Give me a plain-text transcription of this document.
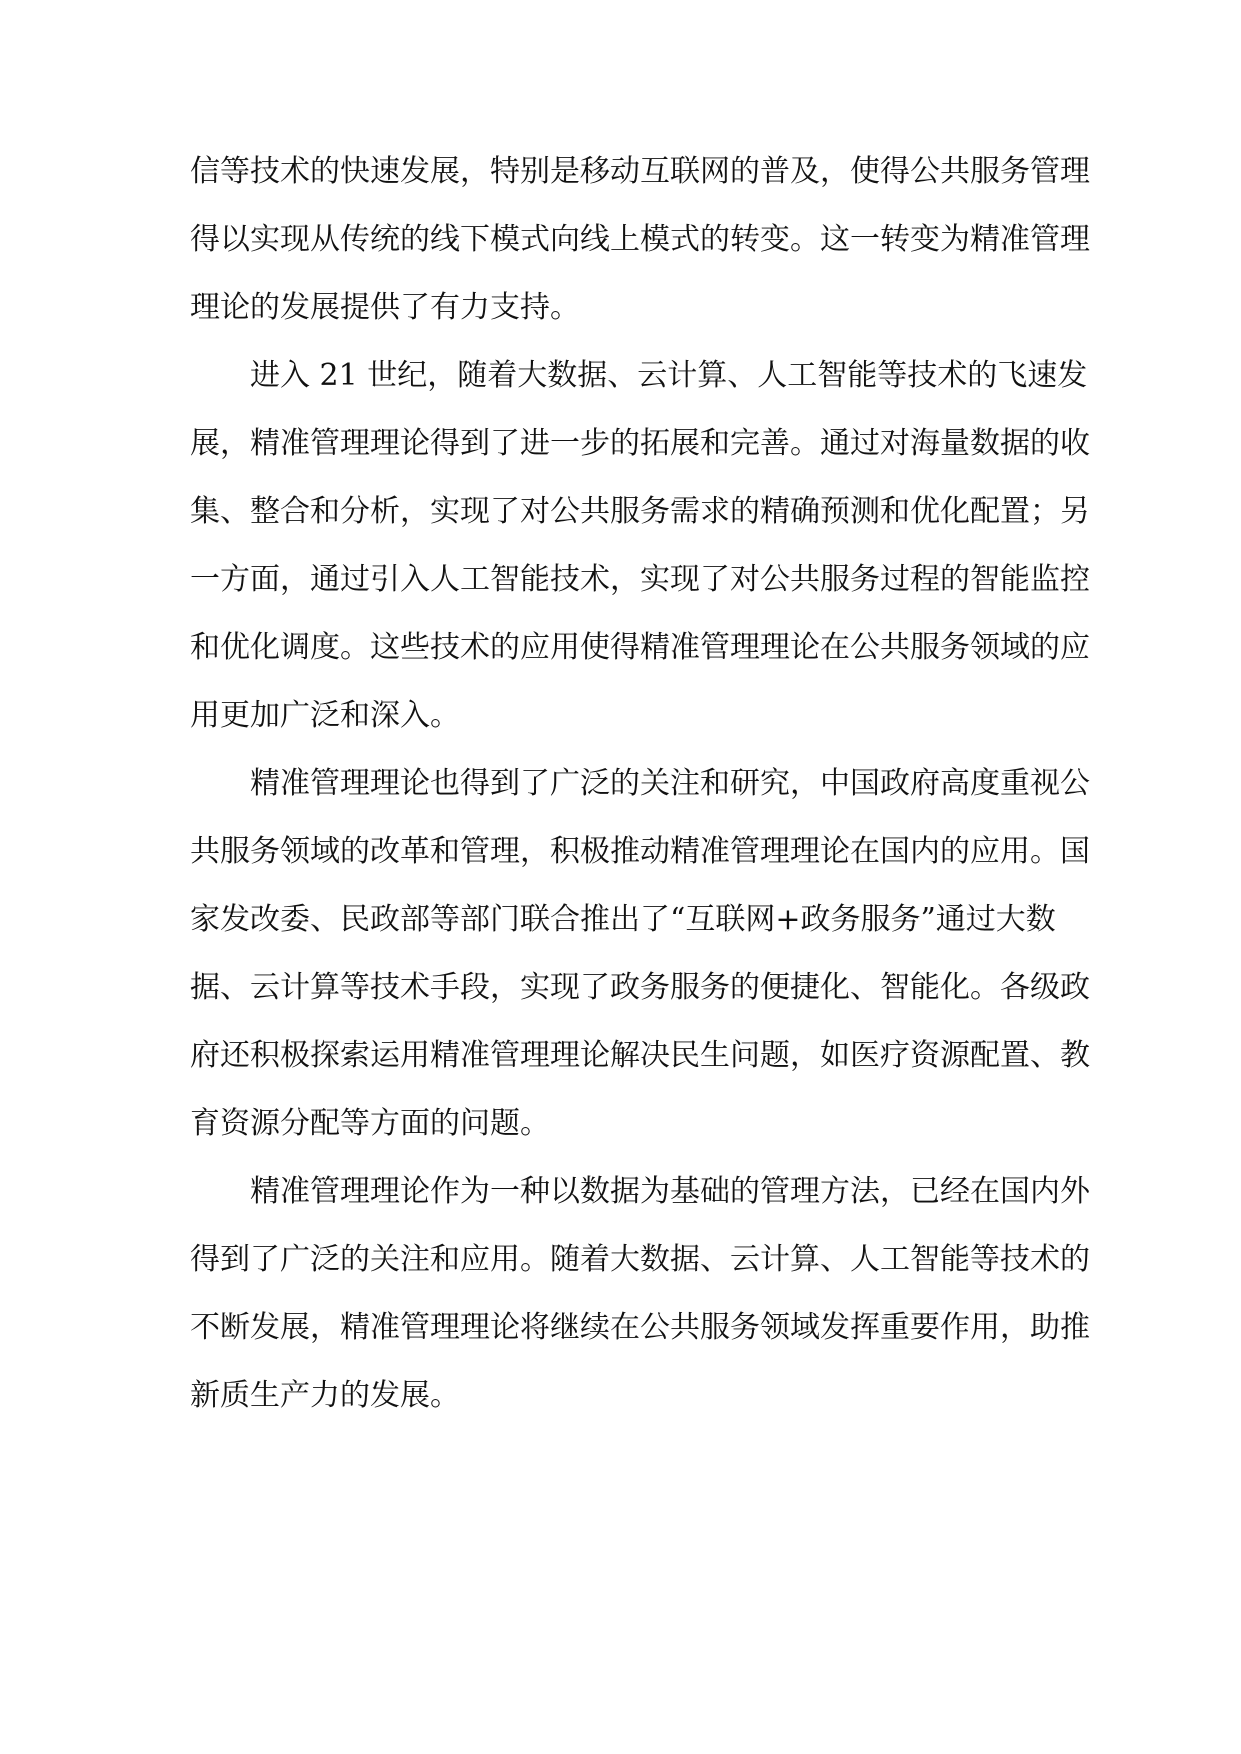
信等技术的快速发展，特别是移动互联网的普及，使得公共服务管理
得以实现从传统的线下模式向线上模式的转变。这一转变为精准管理
理论的发展提供了有力支持。
进入 21 世纪，随着大数据、云计算、人工智能等技术的飞速发
展，精准管理理论得到了进一步的拓展和完善。通过对海量数据的收
集、整合和分析，实现了对公共服务需求的精确预测和优化配置；另
一方面，通过引入人工智能技术，实现了对公共服务过程的智能监控
和优化调度。这些技术的应用使得精准管理理论在公共服务领域的应
用更加广泛和深入。
精准管理理论也得到了广泛的关注和研究，中国政府高度重视公
共服务领域的改革和管理，积极推动精准管理理论在国内的应用。国
家发改委、民政部等部门联合推出了“互联网+政务服务”通过大数
据、云计算等技术手段，实现了政务服务的便捷化、智能化。各级政
府还积极探索运用精准管理理论解决民生问题，如医疗资源配置、教
育资源分配等方面的问题。
精准管理理论作为一种以数据为基础的管理方法，已经在国内外
得到了广泛的关注和应用。随着大数据、云计算、人工智能等技术的
不断发展，精准管理理论将继续在公共服务领域发挥重要作用，助推
新质生产力的发展。
